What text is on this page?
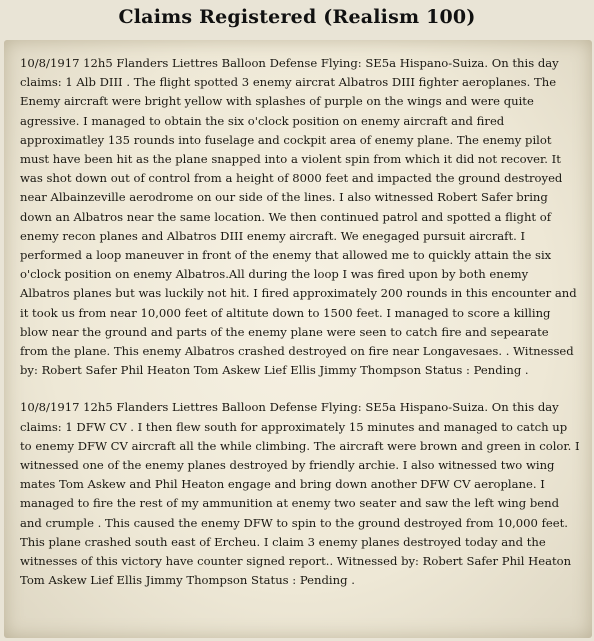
Claims Registered (Realism 100)

10/8/1917 12h5 Flanders Liettres Balloon Defense Flying: SE5a Hispano-Suiza. On this day claims: 1 Alb DIII . The flight spotted 3 enemy aircrat Albatros DIII fighter aeroplanes. The Enemy aircraft were bright yellow with splashes of purple on the wings and were quite agressive. I managed to obtain the six o'clock position on enemy aircraft and fired approximatley 135 rounds into fuselage and cockpit area of enemy plane. The enemy pilot must have been hit as the plane snapped into a violent spin from which it did not recover. It was shot down out of control from a height of 8000 feet and impacted the ground destroyed near Albainzeville aerodrome on our side of the lines. I also witnessed Robert Safer bring down an Albatros near the same location. We then continued patrol and spotted a flight of enemy recon planes and Albatros DIII enemy aircraft. We enegaged pursuit aircraft. I performed a loop maneuver in front of the enemy that allowed me to quickly attain the six o'clock position on enemy Albatros.All during the loop I was fired upon by both enemy Albatros planes but was luckily not hit. I fired approximately 200 rounds in this encounter and it took us from near 10,000 feet of altitute down to 1500 feet. I managed to score a killing blow near the ground and parts of the enemy plane were seen to catch fire and sepearate from the plane. This enemy Albatros crashed destroyed on fire near Longavesaes. . Witnessed by: Robert Safer Phil Heaton Tom Askew Lief Ellis Jimmy Thompson Status : Pending .

10/8/1917 12h5 Flanders Liettres Balloon Defense Flying: SE5a Hispano-Suiza. On this day claims: 1 DFW CV . I then flew south for approximately 15 minutes and managed to catch up to enemy DFW CV aircraft all the while climbing. The aircraft were brown and green in color. I witnessed one of the enemy planes destroyed by friendly archie. I also witnessed two wing mates Tom Askew and Phil Heaton engage and bring down another DFW CV aeroplane. I managed to fire the rest of my ammunition at enemy two seater and saw the left wing bend and crumple . This caused the enemy DFW to spin to the ground destroyed from 10,000 feet. This plane crashed south east of Ercheu. I claim 3 enemy planes destroyed today and the witnesses of this victory have counter signed report.. Witnessed by: Robert Safer Phil Heaton Tom Askew Lief Ellis Jimmy Thompson Status : Pending .
